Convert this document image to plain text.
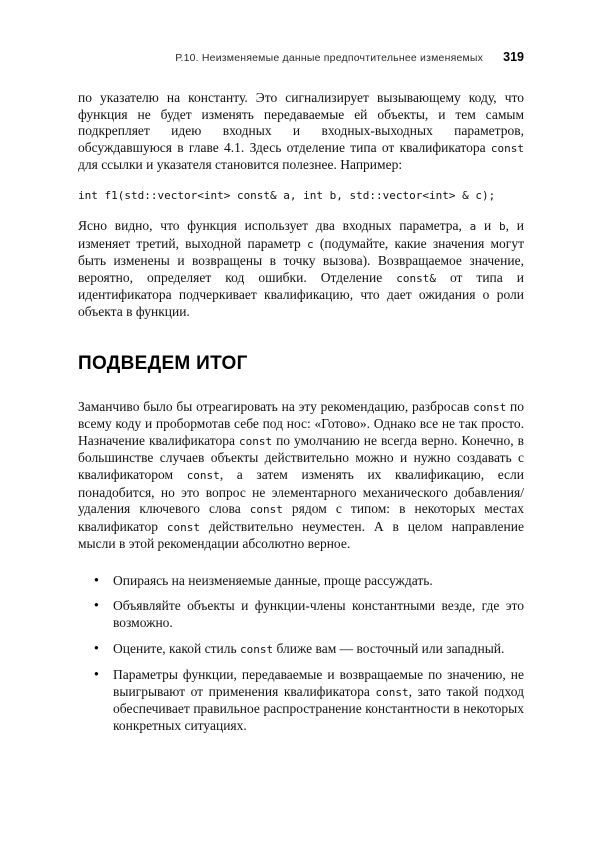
Р.10. Неизменяемые данные предпочтительнее изменяемых 319

по указателю на константу. Это сигнализирует вызывающему коду, что функция не будет изменять передаваемые ей объекты, и тем самым подкрепляет идею входных и входных-выходных параметров, обсуждавшуюся в главе 4.1. Здесь отделение типа от квалификатора const для ссылки и указателя становится полезнее. Например:

int f1(std::vector<int> const& a, int b, std::vector<int> & c);

Ясно видно, что функция использует два входных параметра, a и b, и изменяет третий, выходной параметр c (подумайте, какие значения могут быть изменены и возвращены в точку вызова). Возвращаемое значение, вероятно, определяет код ошибки. Отделение const& от типа и идентификатора подчеркивает квалификацию, что дает ожидания о роли объекта в функции.

ПОДВЕДЕМ ИТОГ

Заманчиво было бы отреагировать на эту рекомендацию, разбросав const по всему коду и пробормотав себе под нос: «Готово». Однако все не так просто. Назначение квалификатора const по умолчанию не всегда верно. Конечно, в большинстве случаев объекты действительно можно и нужно создавать с квалификатором const, а затем изменять их квалификацию, если понадобится, но это вопрос не элементарного механического добавления/удаления ключевого слова const рядом с типом: в некоторых местах квалификатор const действительно неуместен. А в целом направление мысли в этой рекомендации абсолютно верное.

● Опираясь на неизменяемые данные, проще рассуждать.
● Объявляйте объекты и функции-члены константными везде, где это возможно.
● Оцените, какой стиль const ближе вам — восточный или западный.
● Параметры функции, передаваемые и возвращаемые по значению, не выигрывают от применения квалификатора const, зато такой подход обеспечивает правильное распространение константности в некоторых конкретных ситуациях.
